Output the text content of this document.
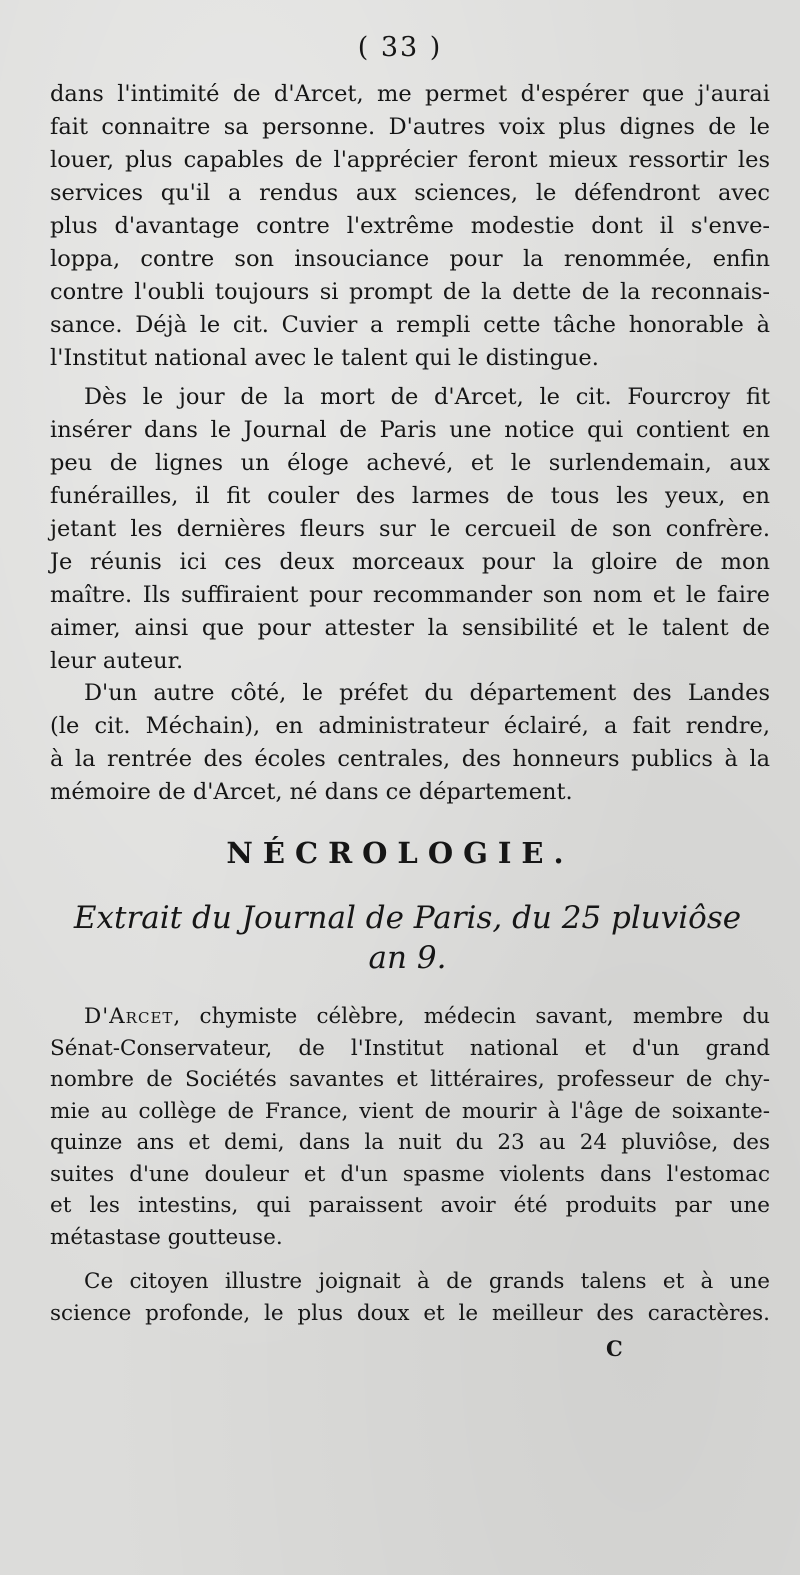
( 33 )
dans l'intimité de d'Arcet, me permet d'espérer que j'aurai
fait connaitre sa personne. D'autres voix plus dignes de le
louer, plus capables de l'apprécier feront mieux ressortir les
services qu'il a rendus aux sciences, le défendront avec
plus d'avantage contre l'extrême modestie dont il s'enve-
loppa, contre son insouciance pour la renommée, enfin
contre l'oubli toujours si prompt de la dette de la reconnais-
sance. Déjà le cit. Cuvier a rempli cette tâche honorable à
l'Institut national avec le talent qui le distingue.
Dès le jour de la mort de d'Arcet, le cit. Fourcroy fit
insérer dans le Journal de Paris une notice qui contient en
peu de lignes un éloge achevé, et le surlendemain, aux
funérailles, il fit couler des larmes de tous les yeux, en
jetant les dernières fleurs sur le cercueil de son confrère.
Je réunis ici ces deux morceaux pour la gloire de mon
maître. Ils suffiraient pour recommander son nom et le faire
aimer, ainsi que pour attester la sensibilité et le talent de
leur auteur.
D'un autre côté, le préfet du département des Landes
(le cit. Méchain), en administrateur éclairé, a fait rendre,
à la rentrée des écoles centrales, des honneurs publics à la
mémoire de d'Arcet, né dans ce département.
NÉCROLOGIE.
Extrait du Journal de Paris, du 25 pluviôse
an 9.
D'Arcet, chymiste célèbre, médecin savant, membre du
Sénat-Conservateur, de l'Institut national et d'un grand
nombre de Sociétés savantes et littéraires, professeur de chy-
mie au collège de France, vient de mourir à l'âge de soixante-
quinze ans et demi, dans la nuit du 23 au 24 pluviôse, des
suites d'une douleur et d'un spasme violents dans l'estomac
et les intestins, qui paraissent avoir été produits par une
métastase goutteuse.
Ce citoyen illustre joignait à de grands talens et à une
science profonde, le plus doux et le meilleur des caractères.
C
